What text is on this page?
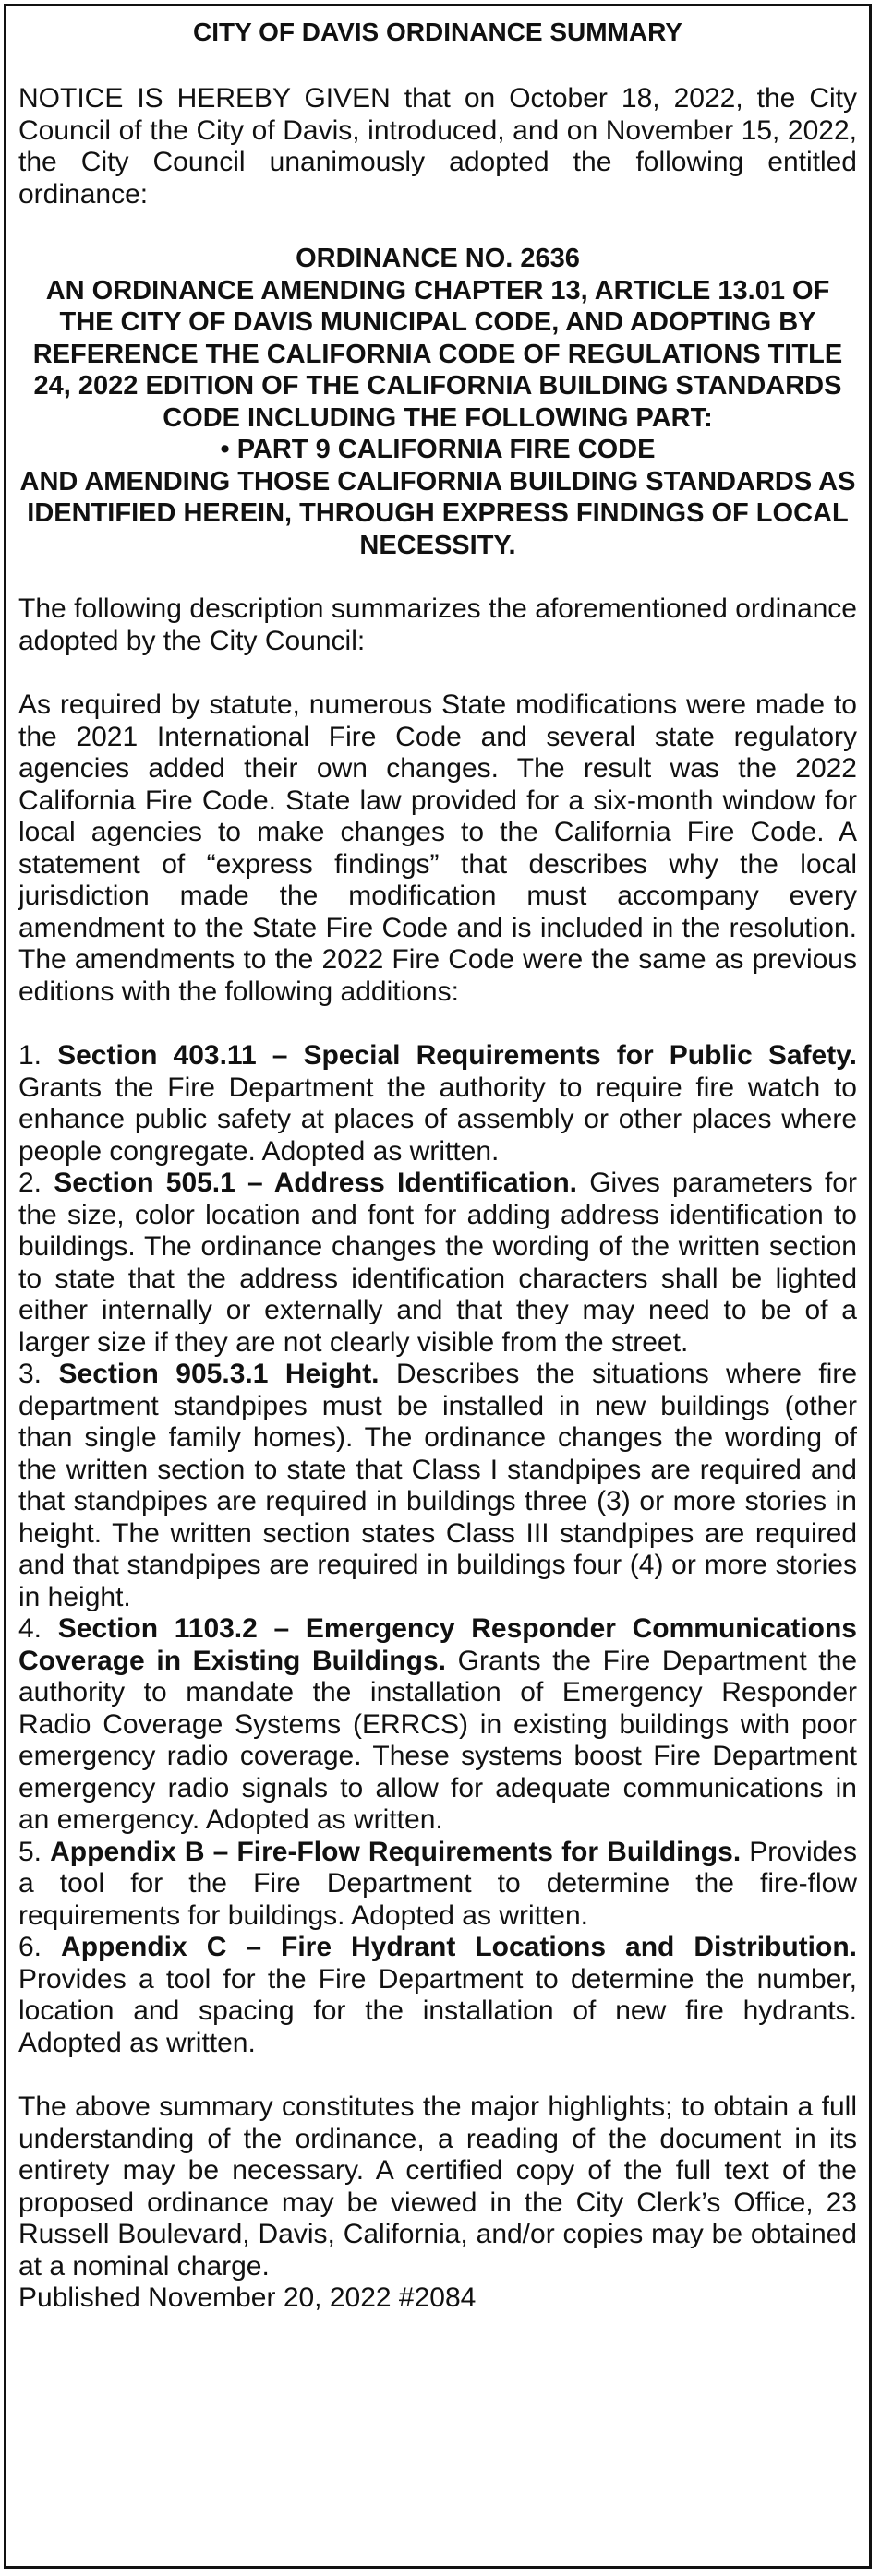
CITY OF DAVIS ORDINANCE SUMMARY

NOTICE IS HEREBY GIVEN that on October 18, 2022, the City Council of the City of Davis, introduced, and on November 15, 2022, the City Council unanimously adopted the following entitled ordinance:

ORDINANCE NO. 2636
AN ORDINANCE AMENDING CHAPTER 13, ARTICLE 13.01 OF THE CITY OF DAVIS MUNICIPAL CODE, AND ADOPTING BY REFERENCE THE CALIFORNIA CODE OF REGULATIONS TITLE 24, 2022 EDITION OF THE CALIFORNIA BUILDING STANDARDS CODE INCLUDING THE FOLLOWING PART:
• PART 9 CALIFORNIA FIRE CODE
AND AMENDING THOSE CALIFORNIA BUILDING STANDARDS AS IDENTIFIED HEREIN, THROUGH EXPRESS FINDINGS OF LOCAL NECESSITY.

The following description summarizes the aforementioned ordinance adopted by the City Council:

As required by statute, numerous State modifications were made to the 2021 International Fire Code and several state regulatory agencies added their own changes. The result was the 2022 California Fire Code. State law provided for a six-month window for local agencies to make changes to the California Fire Code. A statement of “express findings” that describes why the local jurisdiction made the modification must accompany every amendment to the State Fire Code and is included in the resolution. The amendments to the 2022 Fire Code were the same as previous editions with the following additions:

1. Section 403.11 – Special Requirements for Public Safety. Grants the Fire Department the authority to require fire watch to enhance public safety at places of assembly or other places where people congregate. Adopted as written.

2. Section 505.1 – Address Identification. Gives parameters for the size, color location and font for adding address identification to buildings. The ordinance changes the wording of the written section to state that the address identification characters shall be lighted either internally or externally and that they may need to be of a larger size if they are not clearly visible from the street.

3. Section 905.3.1 Height. Describes the situations where fire department standpipes must be installed in new buildings (other than single family homes). The ordinance changes the wording of the written section to state that Class I standpipes are required and that standpipes are required in buildings three (3) or more stories in height. The written section states Class III standpipes are required and that standpipes are required in buildings four (4) or more stories in height.

4. Section 1103.2 – Emergency Responder Communications Coverage in Existing Buildings. Grants the Fire Department the authority to mandate the installation of Emergency Responder Radio Coverage Systems (ERRCS) in existing buildings with poor emergency radio coverage. These systems boost Fire Department emergency radio signals to allow for adequate communications in an emergency. Adopted as written.

5. Appendix B – Fire-Flow Requirements for Buildings. Provides a tool for the Fire Department to determine the fire-flow requirements for buildings. Adopted as written.

6. Appendix C – Fire Hydrant Locations and Distribution. Provides a tool for the Fire Department to determine the number, location and spacing for the installation of new fire hydrants. Adopted as written.

The above summary constitutes the major highlights; to obtain a full understanding of the ordinance, a reading of the document in its entirety may be necessary. A certified copy of the full text of the proposed ordinance may be viewed in the City Clerk’s Office, 23 Russell Boulevard, Davis, California, and/or copies may be obtained at a nominal charge.

Published November 20, 2022 #2084
